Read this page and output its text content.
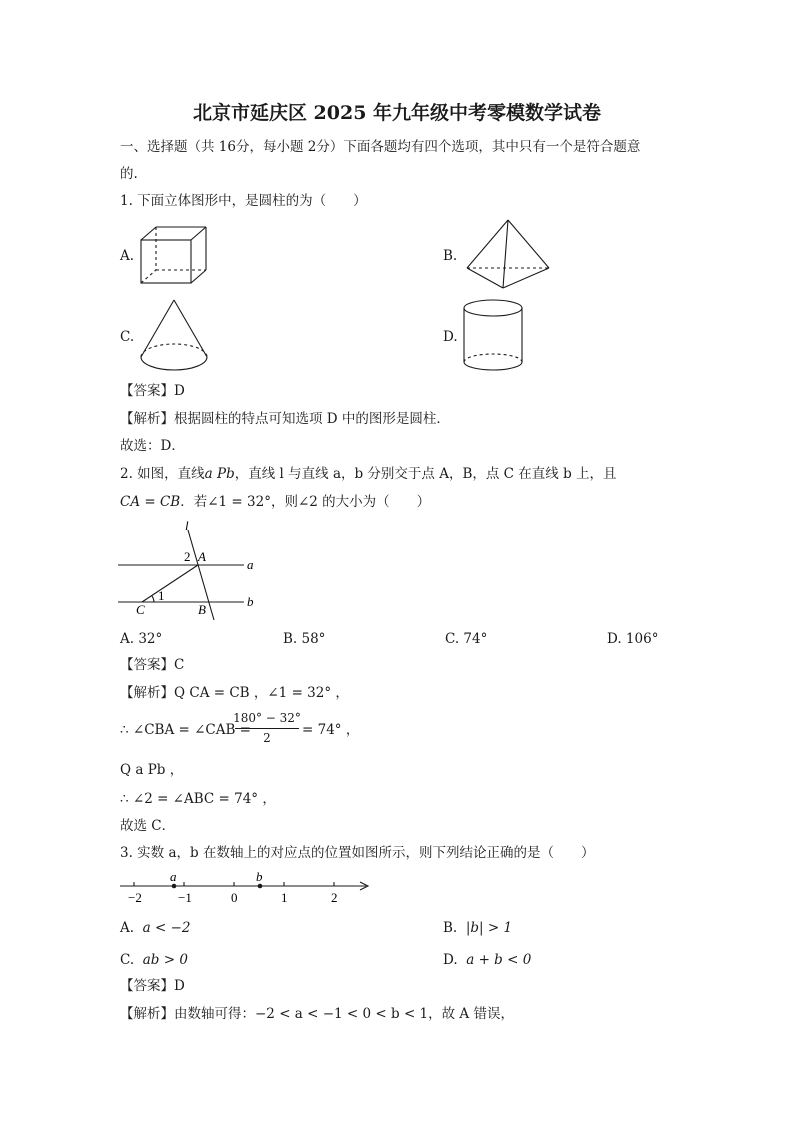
北京市延庆区 2025 年九年级中考零模数学试卷
一、选择题（共 16分，每小题 2分）下面各题均有四个选项，其中只有一个是符合题意
的.
1. 下面立体图形中，是圆柱的为（　　）
A.	B.
C.	D.
【答案】D
【解析】根据圆柱的特点可知选项 D 中的图形是圆柱．
故选：D．
2. 如图，直线a Pb，直线 l 与直线 a，b 分别交于点 A，B，点 C 在直线 b 上，且
CA = CB．若∠1 = 32°，则∠2 的大小为（　　）
l
2 A
a
1	b
C	B
A. 32°	B. 58°	C. 74°	D. 106°
【答案】C
【解析】Q CA = CB ，∠1 = 32° ，
∴ ∠CBA = ∠CAB =
180° − 32°
2	= 74° ，
Q a Pb ，
∴ ∠2 = ∠ABC = 74° ，
故选 C．
3. 实数 a，b 在数轴上的对应点的位置如图所示，则下列结论正确的是（　　）
a	b
−2	−1	0	1	2
A. a < −2	B. |b| > 1
C. ab > 0	D. a + b < 0
【答案】D
【解析】由数轴可得：−2 < a < −1 < 0 < b < 1，故 A 错误，
